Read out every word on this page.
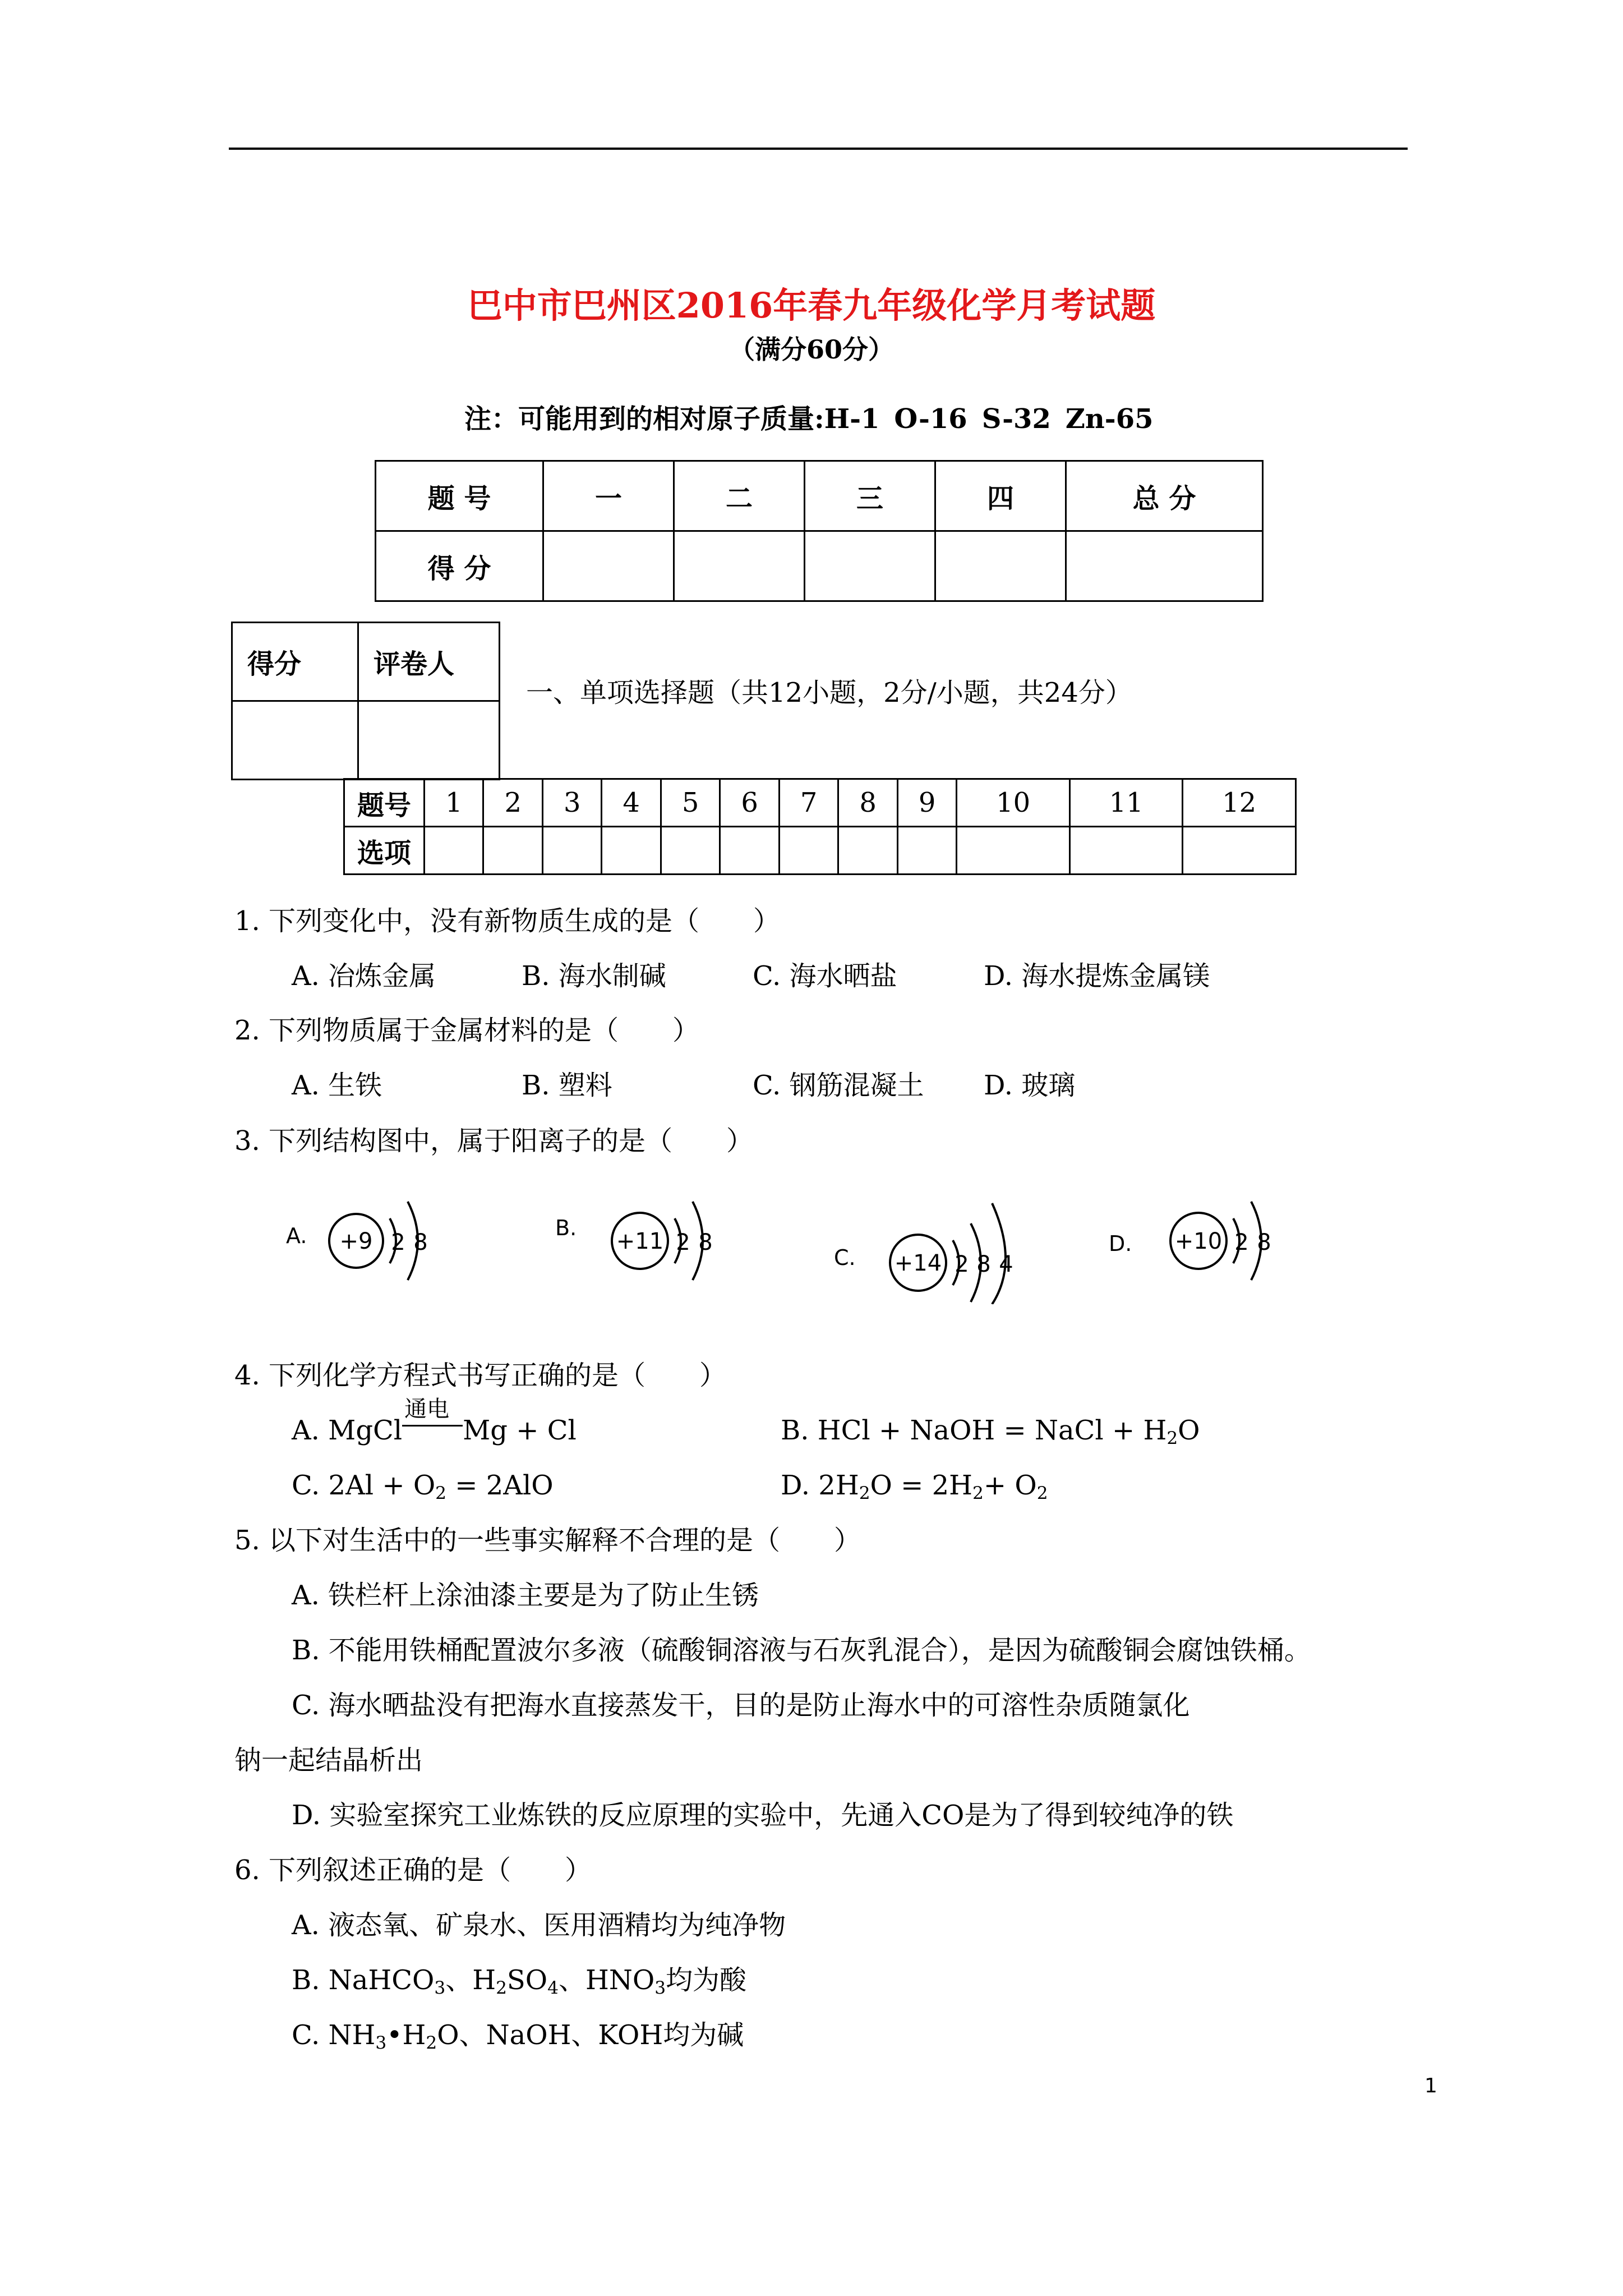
巴中市巴州区2016年春九年级化学月考试题
（满分60分）
注：可能用到的相对原子质量:H-1 O-16 S-32 Zn-65
题 号	一	二	三	四	总 分
得 分					
得分	评卷人

一、单项选择题（共12小题，2分/小题，共24分）
题号	1	2	3	4	5	6	7	8	9	10	11	12
选项												
1. 下列变化中，没有新物质生成的是（　　）
A. 冶炼金属	B. 海水制碱	C. 海水晒盐	D. 海水提炼金属镁
2. 下列物质属于金属材料的是（　　）
A. 生铁	B. 塑料	C. 钢筋混凝土 D. 玻璃
3. 下列结构图中，属于阳离子的是（　　）
A. +9 2 8
B.
+11 2 8
C. +14 2 8 4
D. +10 2 8
4. 下列化学方程式书写正确的是（　　）
A. MgCl
通电
Mg + Cl	B. HCl + NaOH = NaCl + $H_2O$
C. $2Al + O_2 = 2AlO$	D. $2H_2O = 2H_2+ O_2$
5. 以下对生活中的一些事实解释不合理的是（　　）
A. 铁栏杆上涂油漆主要是为了防止生锈
B. 不能用铁桶配置波尔多液（硫酸铜溶液与石灰乳混合），是因为硫酸铜会腐蚀铁桶。
C. 海水晒盐没有把海水直接蒸发干，目的是防止海水中的可溶性杂质随氯化
钠一起结晶析出
D. 实验室探究工业炼铁的反应原理的实验中，先通入CO是为了得到较纯净的铁
6. 下列叙述正确的是（　　）
A. 液态氧、矿泉水、医用酒精均为纯净物
B. NaHCO$_3$、$H_2SO_4$、$HNO_3$均为酸
C. $NH_3•H_2O$、NaOH、KOH均为碱
1
